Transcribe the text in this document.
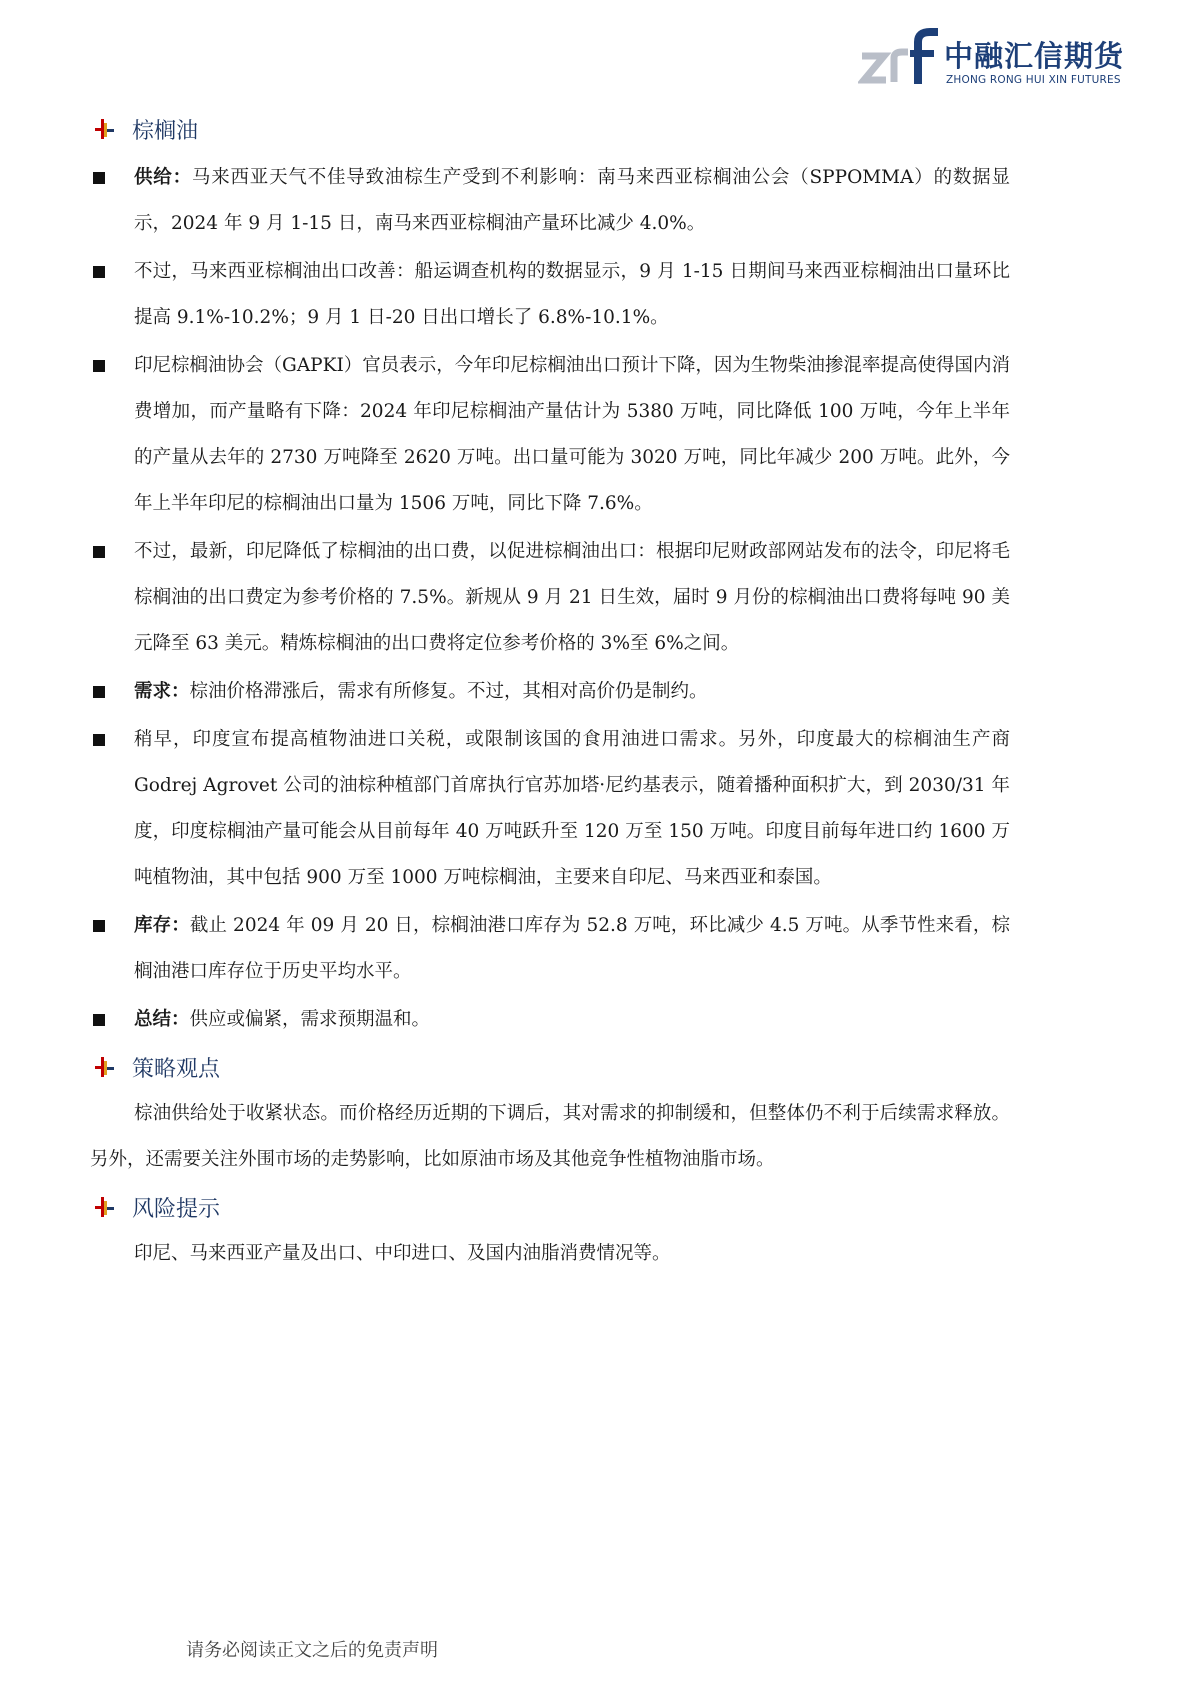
中融汇信期货
ZHONG RONG HUI XIN FUTURES
棕榈油
供给：马来西亚天气不佳导致油棕生产受到不利影响：南马来西亚棕榈油公会（SPPOMMA）的数据显示，2024 年 9 月 1-15 日，南马来西亚棕榈油产量环比减少 4.0%。
不过，马来西亚棕榈油出口改善：船运调查机构的数据显示，9 月 1-15 日期间马来西亚棕榈油出口量环比提高 9.1%-10.2%；9 月 1 日-20 日出口增长了 6.8%-10.1%。
印尼棕榈油协会（GAPKI）官员表示，今年印尼棕榈油出口预计下降，因为生物柴油掺混率提高使得国内消费增加，而产量略有下降：2024 年印尼棕榈油产量估计为 5380 万吨，同比降低 100 万吨，今年上半年的产量从去年的 2730 万吨降至 2620 万吨。出口量可能为 3020 万吨，同比年减少 200 万吨。此外，今年上半年印尼的棕榈油出口量为 1506 万吨，同比下降 7.6%。
不过，最新，印尼降低了棕榈油的出口费，以促进棕榈油出口：根据印尼财政部网站发布的法令，印尼将毛棕榈油的出口费定为参考价格的 7.5%。新规从 9 月 21 日生效，届时 9 月份的棕榈油出口费将每吨 90 美元降至 63 美元。精炼棕榈油的出口费将定位参考价格的 3%至 6%之间。
需求：棕油价格滞涨后，需求有所修复。不过，其相对高价仍是制约。
稍早，印度宣布提高植物油进口关税，或限制该国的食用油进口需求。另外，印度最大的棕榈油生产商 Godrej Agrovet 公司的油棕种植部门首席执行官苏加塔·尼约基表示，随着播种面积扩大，到 2030/31 年度，印度棕榈油产量可能会从目前每年 40 万吨跃升至 120 万至 150 万吨。印度目前每年进口约 1600 万吨植物油，其中包括 900 万至 1000 万吨棕榈油，主要来自印尼、马来西亚和泰国。
库存：截止 2024 年 09 月 20 日，棕榈油港口库存为 52.8 万吨，环比减少 4.5 万吨。从季节性来看，棕榈油港口库存位于历史平均水平。
总结：供应或偏紧，需求预期温和。
策略观点
棕油供给处于收紧状态。而价格经历近期的下调后，其对需求的抑制缓和，但整体仍不利于后续需求释放。另外，还需要关注外围市场的走势影响，比如原油市场及其他竞争性植物油脂市场。
风险提示
印尼、马来西亚产量及出口、中印进口、及国内油脂消费情况等。
请务必阅读正文之后的免责声明
